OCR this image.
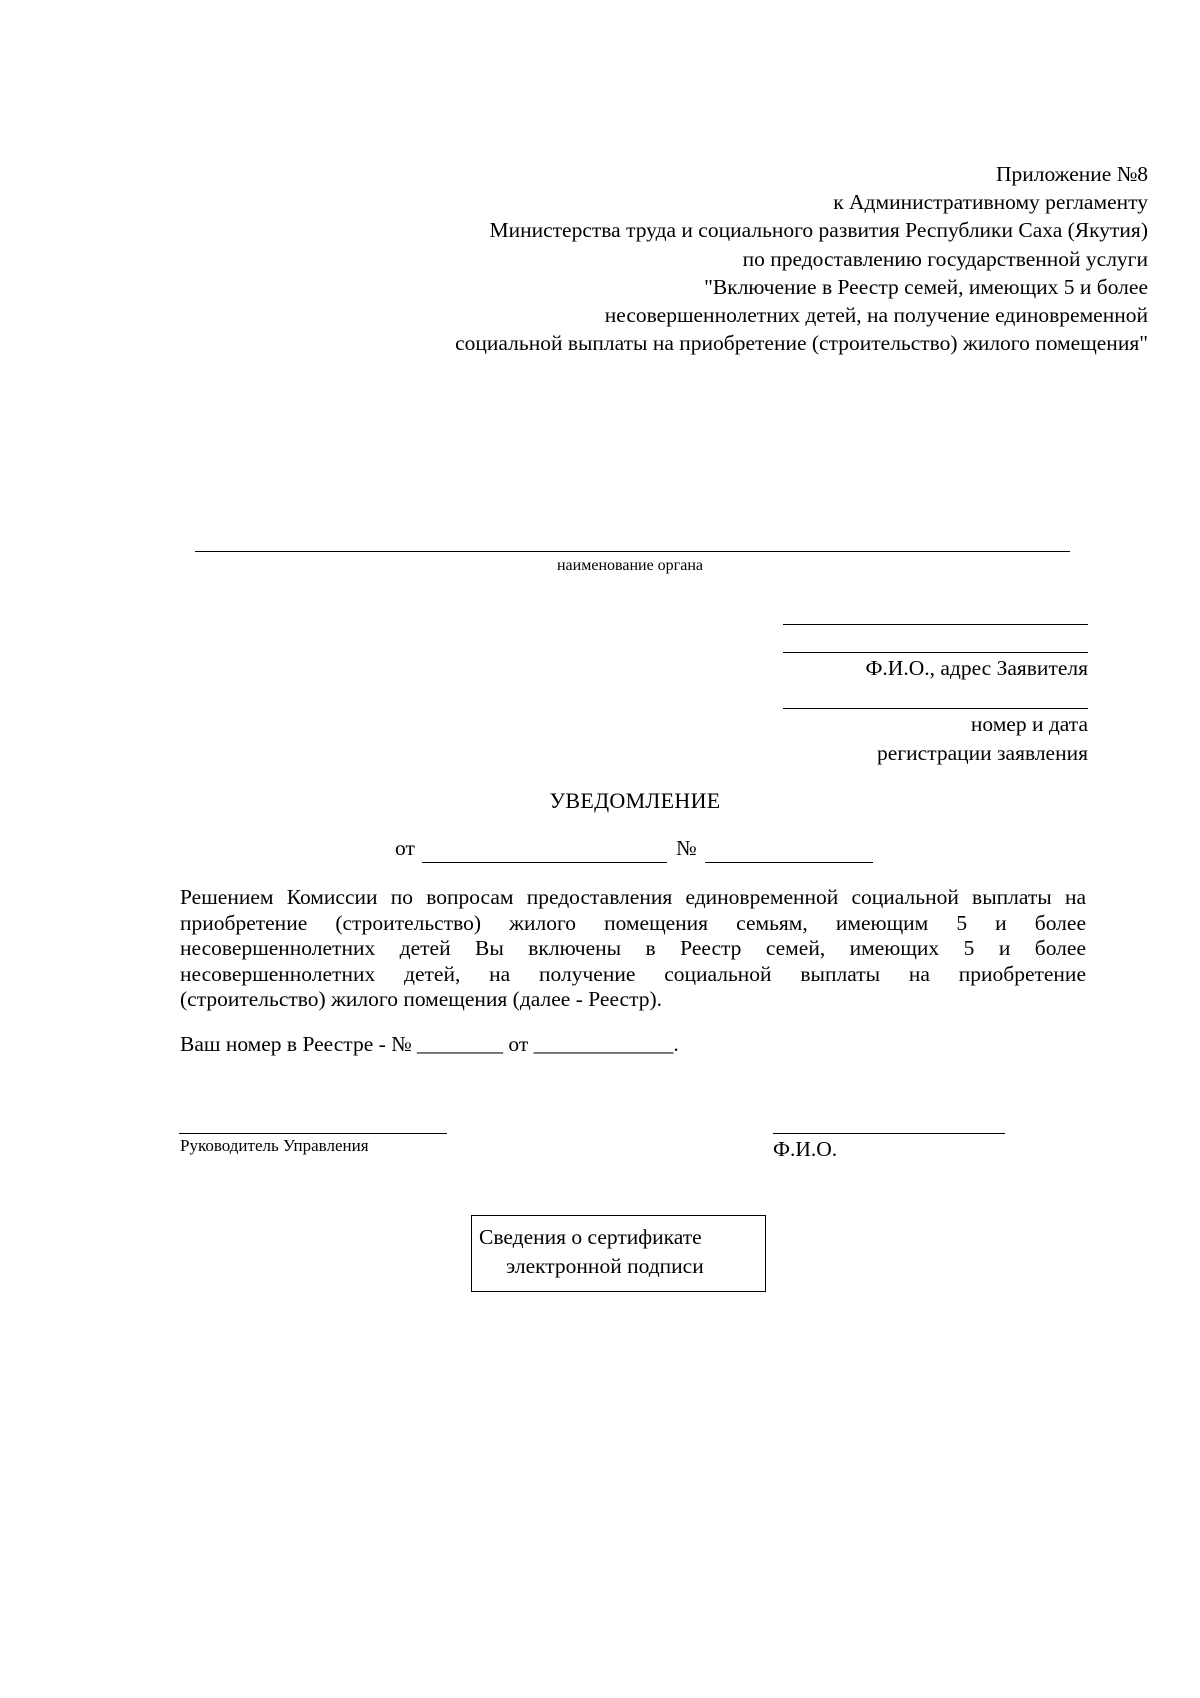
Приложение №8
к Административному регламенту
Министерства труда и социального развития Республики Саха (Якутия)
по предоставлению государственной услуги
"Включение в Реестр семей, имеющих 5 и более
несовершеннолетних детей, на получение единовременной
социальной выплаты на приобретение (строительство) жилого помещения"
наименование органа
Ф.И.О., адрес Заявителя
номер и дата
регистрации заявления
УВЕДОМЛЕНИЕ
от	№
Решением Комиссии по вопросам предоставления единовременной социальной выплаты на
приобретение (строительство) жилого помещения семьям, имеющим 5 и более
несовершеннолетних детей Вы включены в Реестр семей, имеющих 5 и более
несовершеннолетних детей, на получение социальной выплаты на приобретение
(строительство) жилого помещения (далее - Реестр).
Ваш номер в Реестре - № ________ от _____________.
Руководитель Управления	Ф.И.О.
Сведения о сертификате
электронной подписи
